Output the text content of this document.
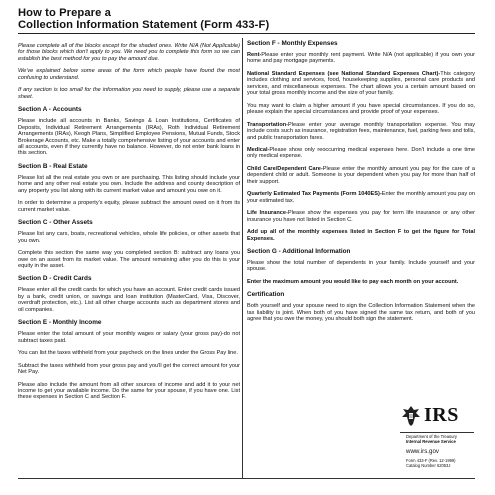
How to Prepare a
Collection Information Statement (Form 433-F)

Please complete all of the blocks except for the shaded ones. Write N/A (Not Applicable) for those blocks which don't apply to you. We need you to complete this form so we can establish the best method for you to pay the amount due.

We've explained below some areas of the form which people have found the most confusing to understand.

If any section is too small for the information you need to supply, please use a separate sheet.

Section A - Accounts

Please include all accounts in Banks, Savings & Loan Institutions, Certificates of Deposits, Individual Retirement Arrangements (IRAs), Roth Individual Retirement Arrangements (IRAs), Keogh Plans, Simplified Employee Pensions, Mutual Funds, Stock Brokerage Accounts, etc. Make a totally comprehensive listing of your accounts and enter all accounts, even if they currently have no balance. However, do not enter bank loans in this section.

Section B - Real Estate

Please list all the real estate you own or are purchasing. This listing should include your home and any other real estate you own. Include the address and county description of any property you list along with its current market value and amount you owe on it.

In order to determine a property's equity, please subtract the amount owed on it from its current market value.

Section C - Other Assets

Please list any cars, boats, recreational vehicles, whole life policies, or other assets that you own.

Complete this section the same way you completed section B: subtract any loans you owe on an asset from its market value. The amount remaining after you do this is your equity in the asset.

Section D - Credit Cards

Please enter all the credit cards for which you have an account. Enter credit cards issued by a bank, credit union, or savings and loan institution (MasterCard, Visa, Discover, overdraft protection, etc.). List all other charge accounts such as department stores and oil companies.

Section E - Monthly Income

Please enter the total amount of your monthly wages or salary (your gross pay)-do not subtract taxes paid.

You can list the taxes withheld from your paycheck on the lines under the Gross Pay line.

Subtract the taxes withheld from your gross pay and you'll get the correct amount for your Net Pay.

Please also include the amount from all other sources of income and add it to your net income to get your available income. Do the same for your spouse, if you have one. List these expenses in Section C and Section F.

Section F - Monthly Expenses

Rent-Please enter your monthly rent payment. Write N/A (not applicable) if you own your home and pay mortgage payments.

National Standard Expenses (see National Standard Expenses Chart)-This category includes clothing and services, food, housekeeping supplies, personal care products and services, and miscellaneous expenses. The chart allows you a certain amount based on your total gross monthly income and the size of your family.

You may want to claim a higher amount if you have special circumstances. If you do so, please explain the special circumstances and provide proof of your expenses.

Transportation-Please enter your average monthly transportation expense. You may include costs such as insurance, registration fees, maintenance, fuel, parking fees and tolls, and public transportation fares.

Medical-Please show only reoccurring medical expenses here. Don't include a one time only medical expense.

Child Care/Dependent Care-Please enter the monthly amount you pay for the care of a dependent child or adult. Someone is your dependent when you pay for more than half of their support.

Quarterly Estimated Tax Payments (Form 1040ES)-Enter the monthly amount you pay on your estimated tax.

Life Insurance-Please show the expenses you pay for term life insurance or any other insurance you have not listed in Section C.

Add up all of the monthly expenses listed in Section F to get the figure for Total Expenses.

Section G - Additional Information

Please show the total number of dependents in your family. Include yourself and your spouse.

Enter the maximum amount you would like to pay each month on your account.

Certification

Both yourself and your spouse need to sign the Collection Information Statement when the tax liability is joint. When both of you have signed the same tax return, and both of you agree that you owe the money, you should both sign the statement.

IRS
Department of the Treasury
Internal Revenue Service
www.irs.gov
Form 433-F (Rev. 12-1999)
Catalog Number 62053J
